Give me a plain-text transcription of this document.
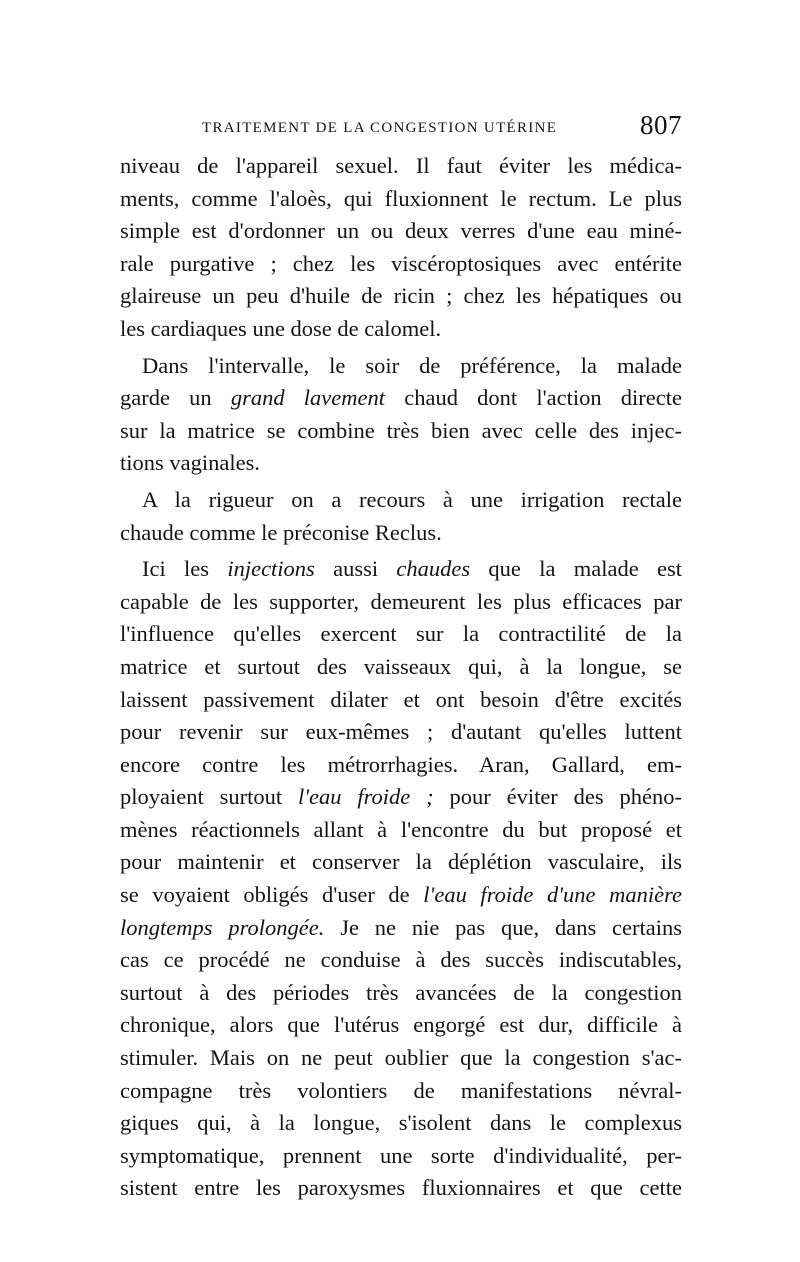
TRAITEMENT DE LA CONGESTION UTÉRINE	807

niveau de l'appareil sexuel. Il faut éviter les médica-
ments, comme l'aloès, qui fluxionnent le rectum. Le plus
simple est d'ordonner un ou deux verres d'une eau miné-
rale purgative ; chez les viscéroptosiques avec entérite
glaireuse un peu d'huile de ricin ; chez les hépatiques ou
les cardiaques une dose de calomel.

Dans l'intervalle, le soir de préférence, la malade
garde un grand lavement chaud dont l'action directe
sur la matrice se combine très bien avec celle des injec-
tions vaginales.

A la rigueur on a recours à une irrigation rectale
chaude comme le préconise Reclus.

Ici les injections aussi chaudes que la malade est
capable de les supporter, demeurent les plus efficaces par
l'influence qu'elles exercent sur la contractilité de la
matrice et surtout des vaisseaux qui, à la longue, se
laissent passivement dilater et ont besoin d'être excités
pour revenir sur eux-mêmes ; d'autant qu'elles luttent
encore contre les métrorrhagies. Aran, Gallard, em-
ployaient surtout l'eau froide ; pour éviter des phéno-
mènes réactionnels allant à l'encontre du but proposé et
pour maintenir et conserver la déplétion vasculaire, ils
se voyaient obligés d'user de l'eau froide d'une manière
longtemps prolongée. Je ne nie pas que, dans certains
cas ce procédé ne conduise à des succès indiscutables,
surtout à des périodes très avancées de la congestion
chronique, alors que l'utérus engorgé est dur, difficile à
stimuler. Mais on ne peut oublier que la congestion s'ac-
compagne très volontiers de manifestations névral-
giques qui, à la longue, s'isolent dans le complexus
symptomatique, prennent une sorte d'individualité, per-
sistent entre les paroxysmes fluxionnaires et que cette
